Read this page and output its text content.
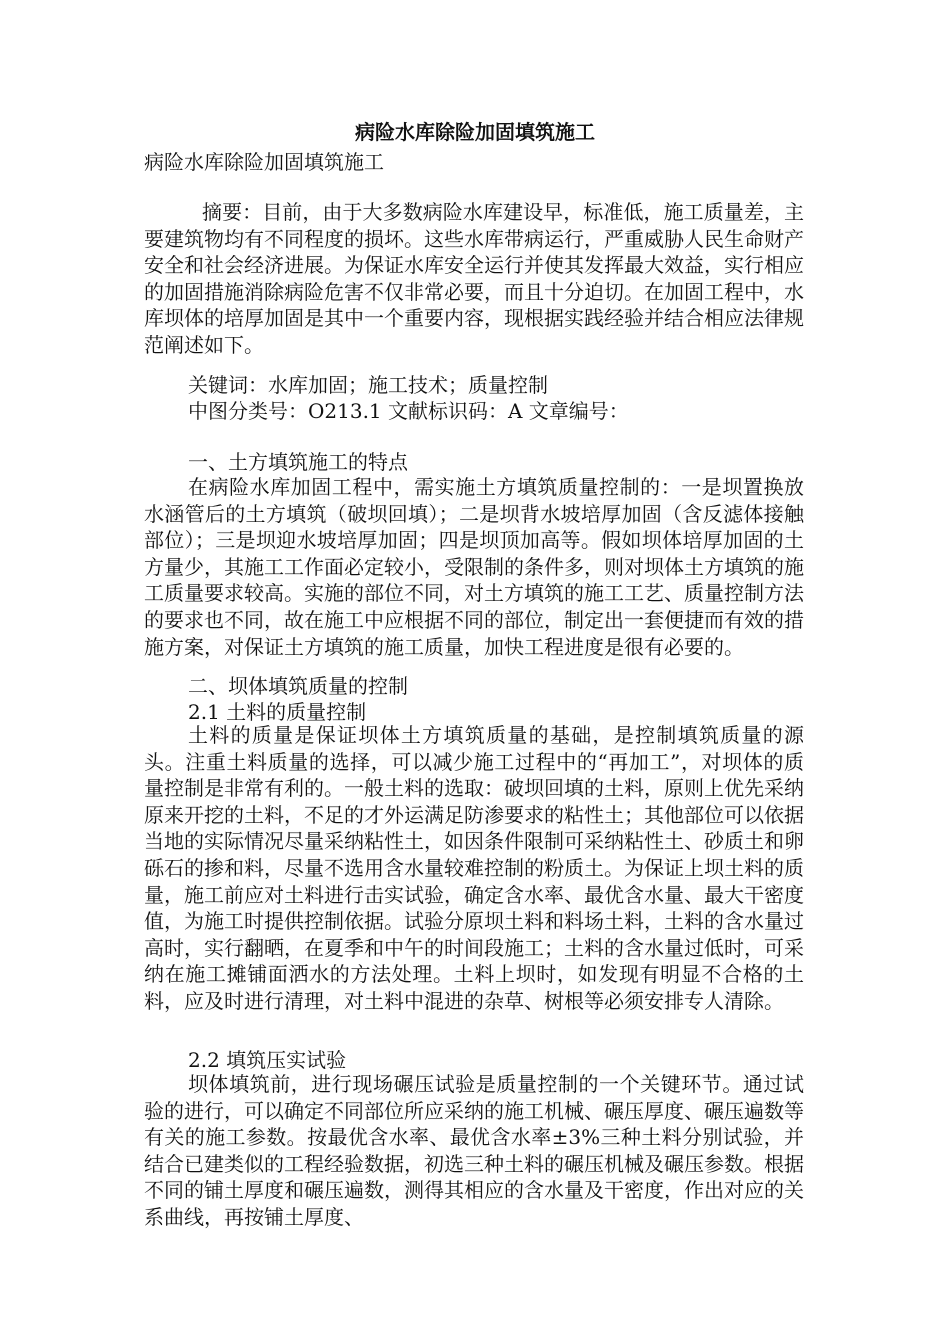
病险水库除险加固填筑施工
病险水库除险加固填筑施工
摘要：目前，由于大多数病险水库建设早，标准低，施工质量差，主要建筑物均有不同程度的损坏。这些水库带病运行，严重威胁人民生命财产安全和社会经济进展。为保证水库安全运行并使其发挥最大效益，实行相应的加固措施消除病险危害不仅非常必要，而且十分迫切。在加固工程中，水库坝体的培厚加固是其中一个重要内容，现根据实践经验并结合相应法律规范阐述如下。
关键词：水库加固；施工技术；质量控制
中图分类号：O213.1 文献标识码：A 文章编号：
一、土方填筑施工的特点
在病险水库加固工程中，需实施土方填筑质量控制的：一是坝置换放水涵管后的土方填筑（破坝回填）；二是坝背水坡培厚加固（含反滤体接触部位）；三是坝迎水坡培厚加固；四是坝顶加高等。假如坝体培厚加固的土方量少，其施工工作面必定较小，受限制的条件多，则对坝体土方填筑的施工质量要求较高。实施的部位不同，对土方填筑的施工工艺、质量控制方法的要求也不同，故在施工中应根据不同的部位，制定出一套便捷而有效的措施方案，对保证土方填筑的施工质量，加快工程进度是很有必要的。
二、坝体填筑质量的控制
2.1 土料的质量控制
土料的质量是保证坝体土方填筑质量的基础，是控制填筑质量的源头。注重土料质量的选择，可以减少施工过程中的“再加工”，对坝体的质量控制是非常有利的。一般土料的选取：破坝回填的土料，原则上优先采纳原来开挖的土料，不足的才外运满足防渗要求的粘性土；其他部位可以依据当地的实际情况尽量采纳粘性土，如因条件限制可采纳粘性土、砂质土和卵砾石的掺和料，尽量不选用含水量较难控制的粉质土。为保证上坝土料的质量，施工前应对土料进行击实试验，确定含水率、最优含水量、最大干密度值，为施工时提供控制依据。试验分原坝土料和料场土料，土料的含水量过高时，实行翻晒，在夏季和中午的时间段施工；土料的含水量过低时，可采纳在施工摊铺面洒水的方法处理。土料上坝时，如发现有明显不合格的土料，应及时进行清理，对土料中混进的杂草、树根等必须安排专人清除。
2.2 填筑压实试验
坝体填筑前，进行现场碾压试验是质量控制的一个关键环节。通过试验的进行，可以确定不同部位所应采纳的施工机械、碾压厚度、碾压遍数等有关的施工参数。按最优含水率、最优含水率±3%三种土料分别试验，并结合已建类似的工程经验数据，初选三种土料的碾压机械及碾压参数。根据不同的铺土厚度和碾压遍数，测得其相应的含水量及干密度，作出对应的关系曲线，再按铺土厚度、
